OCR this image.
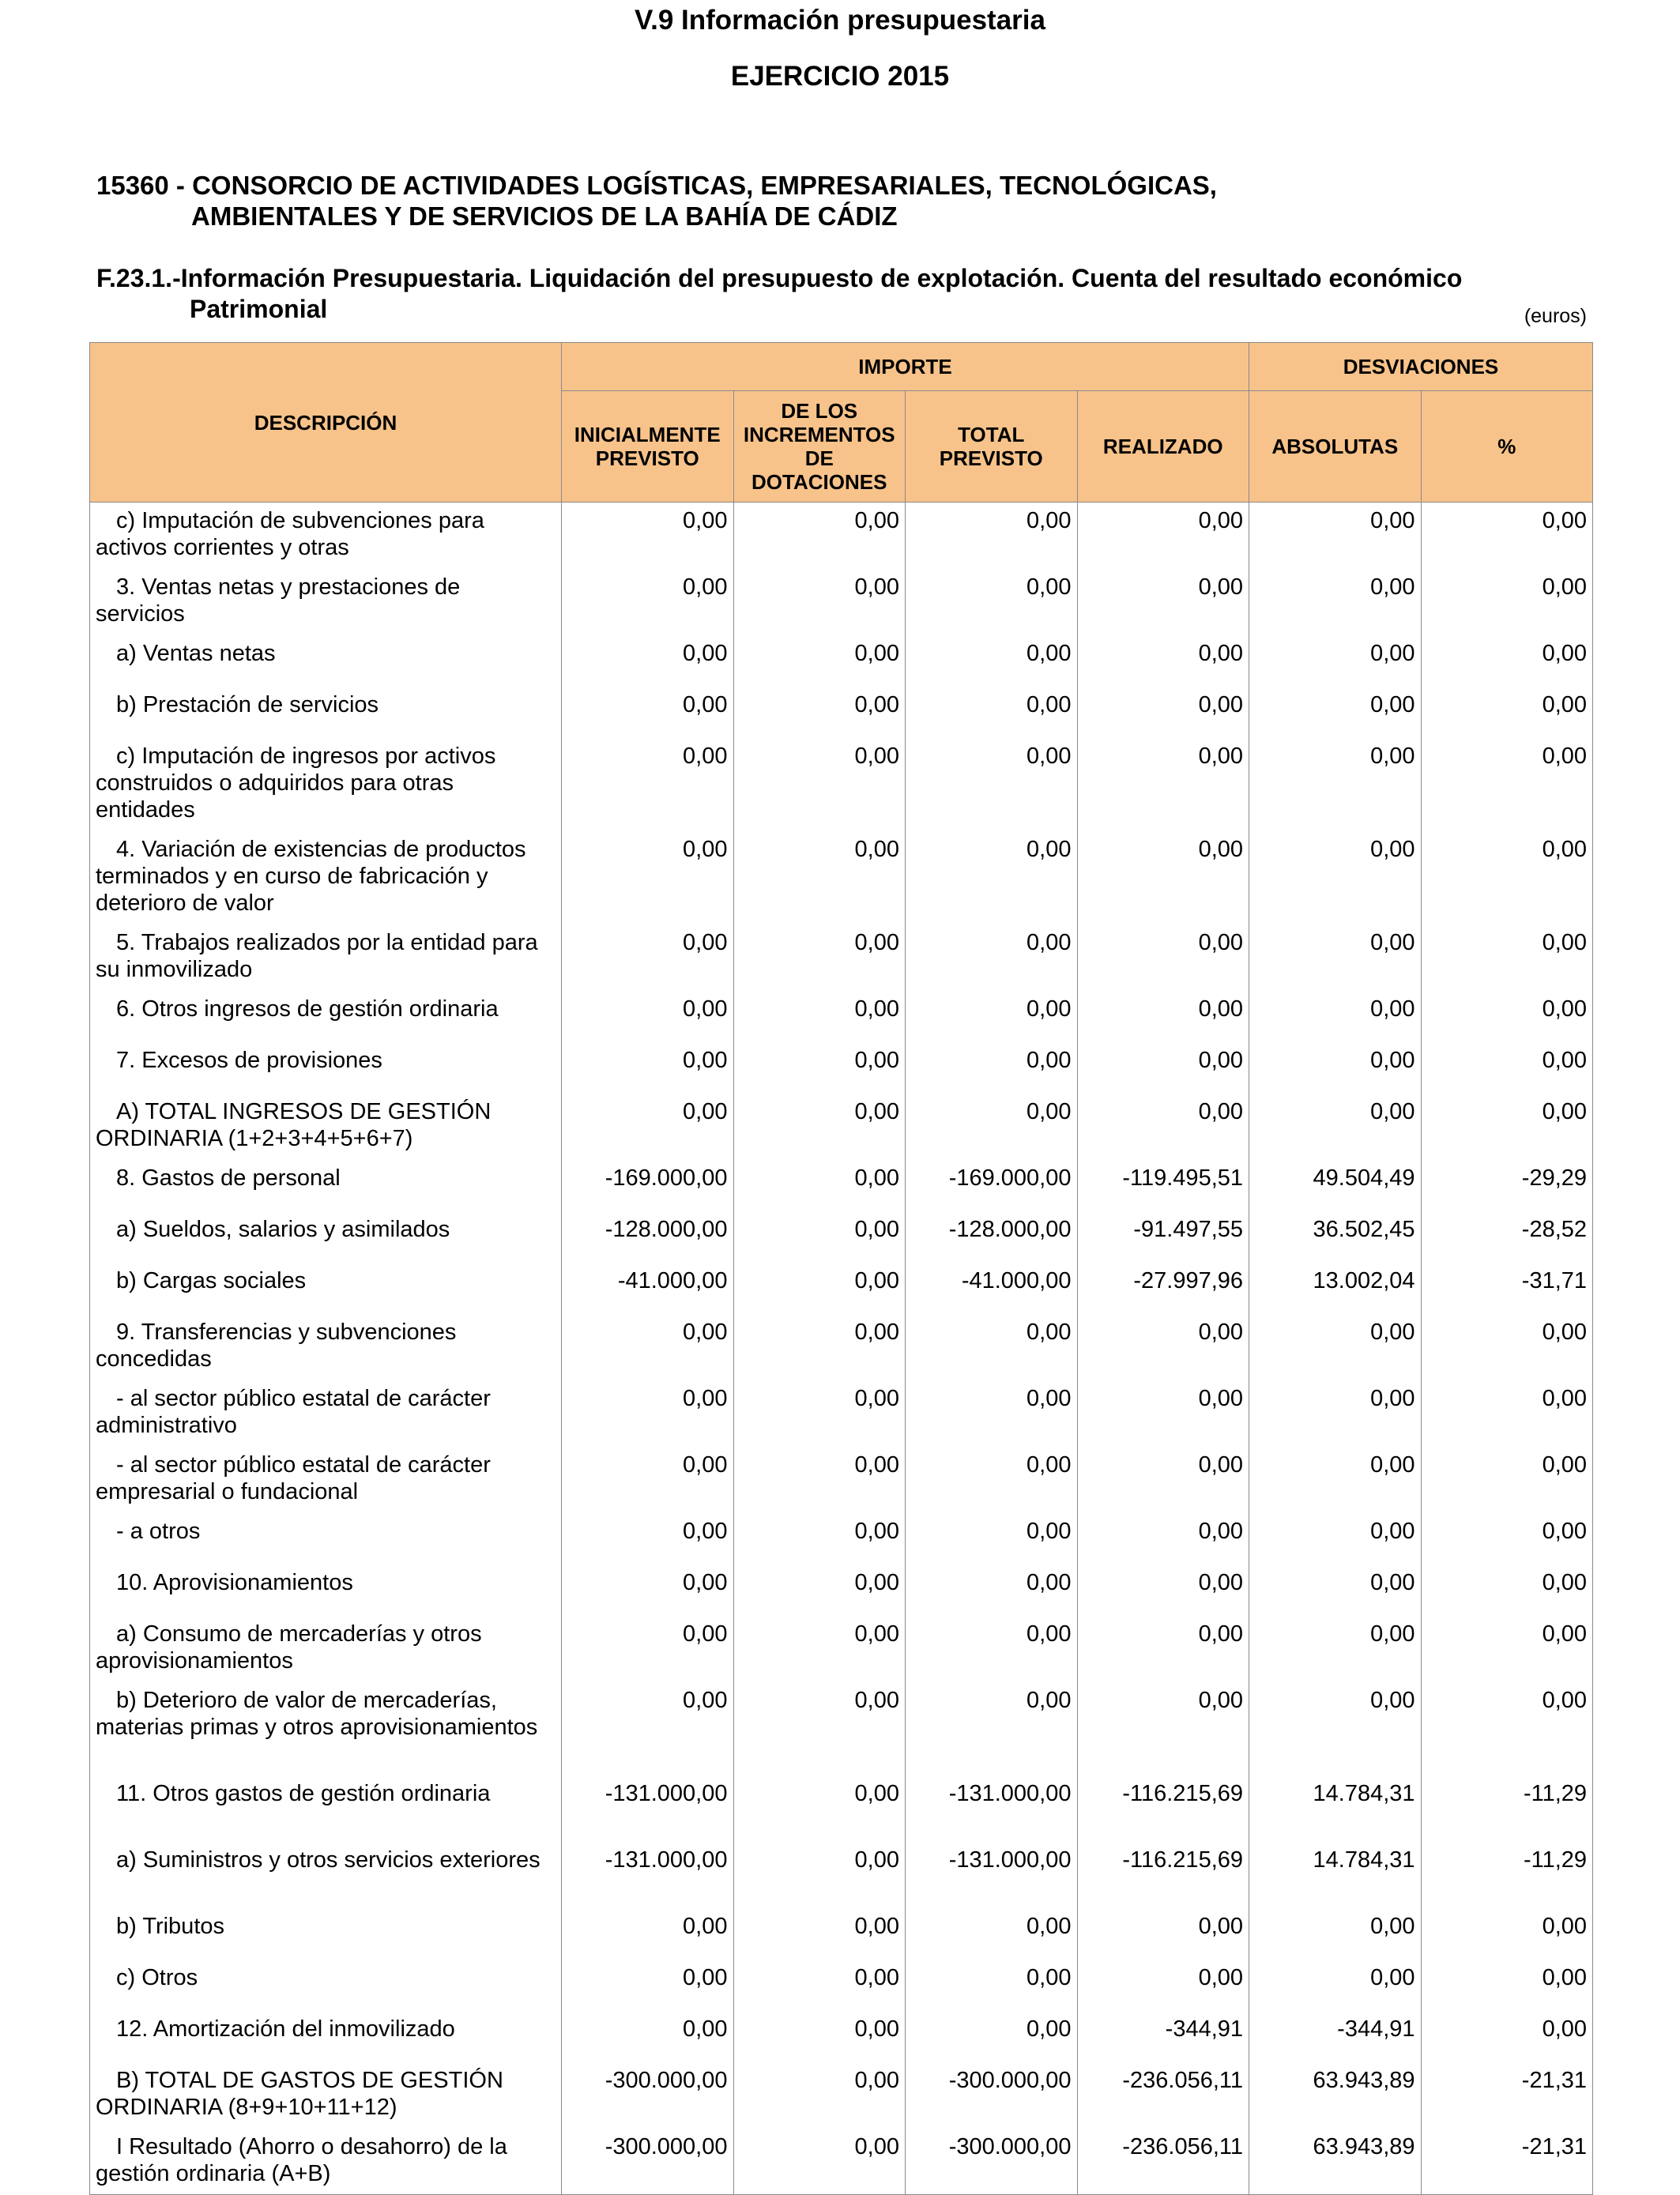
V.9 Información presupuestaria
EJERCICIO 2015
15360 - CONSORCIO DE ACTIVIDADES LOGÍSTICAS, EMPRESARIALES, TECNOLÓGICAS,
AMBIENTALES Y DE SERVICIOS DE LA BAHÍA DE CÁDIZ
F.23.1.-Información Presupuestaria. Liquidación del presupuesto de explotación. Cuenta del resultado económico
Patrimonial	(euros)
DESCRIPCIÓN	IMPORTE				DESVIACIONES	
	INICIALMENTE PREVISTO	DE LOS INCREMENTOS DE DOTACIONES	TOTAL PREVISTO	REALIZADO	ABSOLUTAS	%
c) Imputación de subvenciones para activos corrientes y otras	0,00	0,00	0,00	0,00	0,00	0,00
3. Ventas netas y prestaciones de servicios	0,00	0,00	0,00	0,00	0,00	0,00
a) Ventas netas	0,00	0,00	0,00	0,00	0,00	0,00
b) Prestación de servicios	0,00	0,00	0,00	0,00	0,00	0,00
c) Imputación de ingresos por activos construidos o adquiridos para otras entidades	0,00	0,00	0,00	0,00	0,00	0,00
4. Variación de existencias de productos terminados y en curso de fabricación y deterioro de valor	0,00	0,00	0,00	0,00	0,00	0,00
5. Trabajos realizados por la entidad para su inmovilizado	0,00	0,00	0,00	0,00	0,00	0,00
6. Otros ingresos de gestión ordinaria	0,00	0,00	0,00	0,00	0,00	0,00
7. Excesos de provisiones	0,00	0,00	0,00	0,00	0,00	0,00
A) TOTAL INGRESOS DE GESTIÓN ORDINARIA (1+2+3+4+5+6+7)	0,00	0,00	0,00	0,00	0,00	0,00
8. Gastos de personal	-169.000,00	0,00	-169.000,00	-119.495,51	49.504,49	-29,29
a) Sueldos, salarios y asimilados	-128.000,00	0,00	-128.000,00	-91.497,55	36.502,45	-28,52
b) Cargas sociales	-41.000,00	0,00	-41.000,00	-27.997,96	13.002,04	-31,71
9. Transferencias y subvenciones concedidas	0,00	0,00	0,00	0,00	0,00	0,00
- al sector público estatal de carácter administrativo	0,00	0,00	0,00	0,00	0,00	0,00
- al sector público estatal de carácter empresarial o fundacional	0,00	0,00	0,00	0,00	0,00	0,00
- a otros	0,00	0,00	0,00	0,00	0,00	0,00
10. Aprovisionamientos	0,00	0,00	0,00	0,00	0,00	0,00
a) Consumo de mercaderías y otros aprovisionamientos	0,00	0,00	0,00	0,00	0,00	0,00
b) Deterioro de valor de mercaderías, materias primas y otros aprovisionamientos	0,00	0,00	0,00	0,00	0,00	0,00
11. Otros gastos de gestión ordinaria	-131.000,00	0,00	-131.000,00	-116.215,69	14.784,31	-11,29
a) Suministros y otros servicios exteriores	-131.000,00	0,00	-131.000,00	-116.215,69	14.784,31	-11,29
b) Tributos	0,00	0,00	0,00	0,00	0,00	0,00
c) Otros	0,00	0,00	0,00	0,00	0,00	0,00
12. Amortización del inmovilizado	0,00	0,00	0,00	-344,91	-344,91	0,00
B) TOTAL DE GASTOS DE GESTIÓN ORDINARIA (8+9+10+11+12)	-300.000,00	0,00	-300.000,00	-236.056,11	63.943,89	-21,31
I Resultado (Ahorro o desahorro) de la gestión ordinaria (A+B)	-300.000,00	0,00	-300.000,00	-236.056,11	63.943,89	-21,31
